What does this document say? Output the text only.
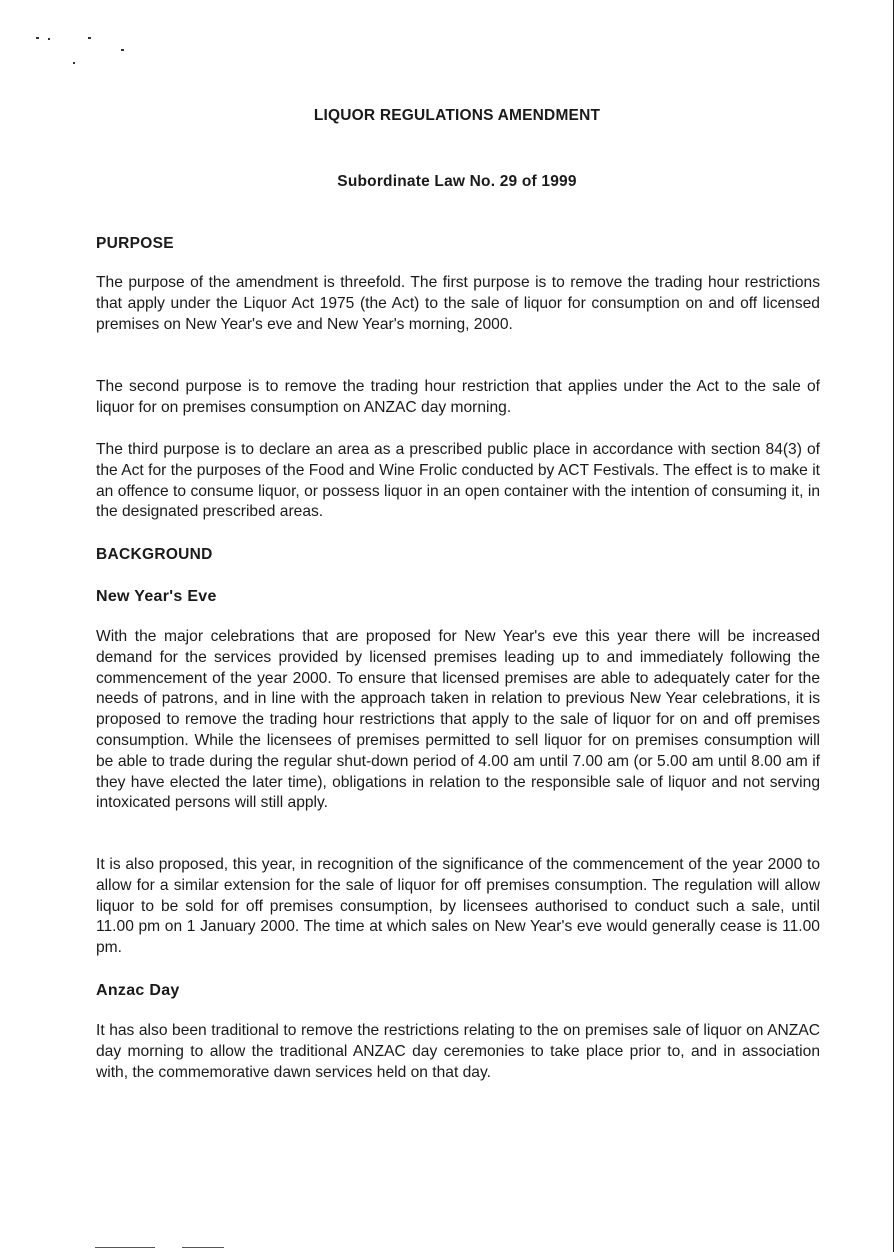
LIQUOR REGULATIONS AMENDMENT
Subordinate Law No. 29 of 1999
PURPOSE

The purpose of the amendment is threefold. The first purpose is to remove the trading hour restrictions that apply under the Liquor Act 1975 (the Act) to the sale of liquor for consumption on and off licensed premises on New Year's eve and New Year's morning, 2000.

The second purpose is to remove the trading hour restriction that applies under the Act to the sale of liquor for on premises consumption on ANZAC day morning.

The third purpose is to declare an area as a prescribed public place in accordance with section 84(3) of the Act for the purposes of the Food and Wine Frolic conducted by ACT Festivals. The effect is to make it an offence to consume liquor, or possess liquor in an open container with the intention of consuming it, in the designated prescribed areas.

BACKGROUND
New Year's Eve

With the major celebrations that are proposed for New Year's eve this year there will be increased demand for the services provided by licensed premises leading up to and immediately following the commencement of the year 2000. To ensure that licensed premises are able to adequately cater for the needs of patrons, and in line with the approach taken in relation to previous New Year celebrations, it is proposed to remove the trading hour restrictions that apply to the sale of liquor for on and off premises consumption. While the licensees of premises permitted to sell liquor for on premises consumption will be able to trade during the regular shut-down period of 4.00 am until 7.00 am (or 5.00 am until 8.00 am if they have elected the later time), obligations in relation to the responsible sale of liquor and not serving intoxicated persons will still apply.

It is also proposed, this year, in recognition of the significance of the commencement of the year 2000 to allow for a similar extension for the sale of liquor for off premises consumption. The regulation will allow liquor to be sold for off premises consumption, by licensees authorised to conduct such a sale, until 11.00 pm on 1 January 2000. The time at which sales on New Year's eve would generally cease is 11.00 pm.

Anzac Day

It has also been traditional to remove the restrictions relating to the on premises sale of liquor on ANZAC day morning to allow the traditional ANZAC day ceremonies to take place prior to, and in association with, the commemorative dawn services held on that day.
